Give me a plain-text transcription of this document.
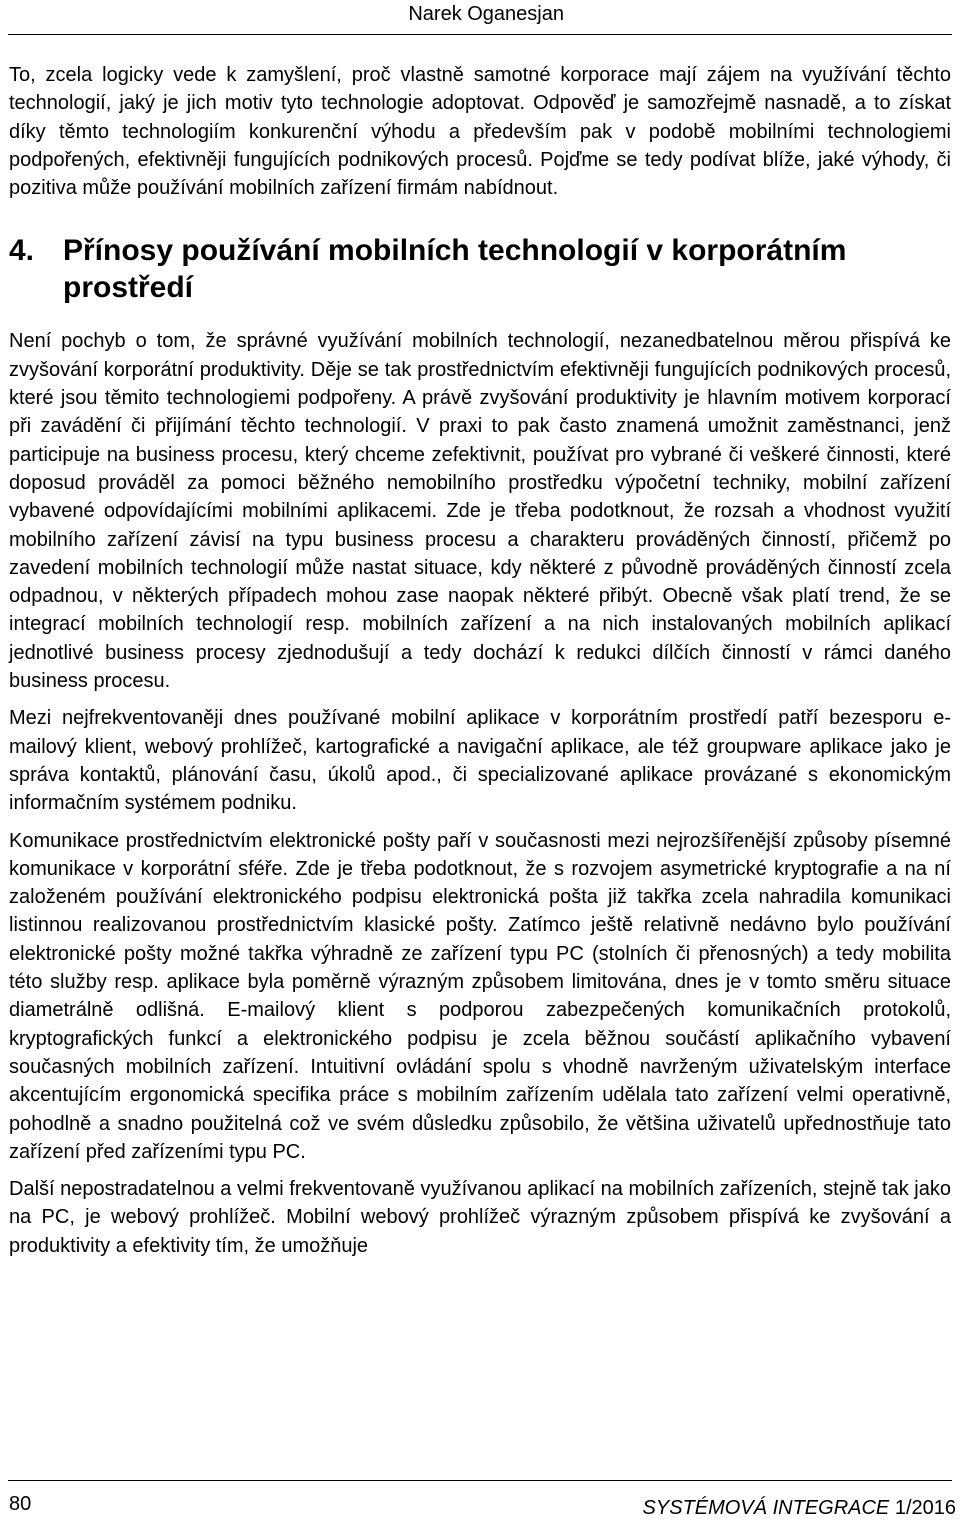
Narek Oganesjan

To, zcela logicky vede k zamyšlení, proč vlastně samotné korporace mají zájem na využívání těchto technologií, jaký je jich motiv tyto technologie adoptovat. Odpověď je samozřejmě nasnadě, a to získat díky těmto technologiím konkurenční výhodu a především pak v podobě mobilními technologiemi podpořených, efektivněji fungujících podnikových procesů. Pojďme se tedy podívat blíže, jaké výhody, či pozitiva může používání mobilních zařízení firmám nabídnout.

4. Přínosy používání mobilních technologií v korporátním prostředí

Není pochyb o tom, že správné využívání mobilních technologií, nezanedbatelnou měrou přispívá ke zvyšování korporátní produktivity. Děje se tak prostřednictvím efektivněji fungujících podnikových procesů, které jsou těmito technologiemi podpořeny. A právě zvyšování produktivity je hlavním motivem korporací při zavádění či přijímání těchto technologií. V praxi to pak často znamená umožnit zaměstnanci, jenž participuje na business procesu, který chceme zefektivnit, používat pro vybrané či veškeré činnosti, které doposud prováděl za pomoci běžného nemobilního prostředku výpočetní techniky, mobilní zařízení vybavené odpovídajícími mobilními aplikacemi. Zde je třeba podotknout, že rozsah a vhodnost využití mobilního zařízení závisí na typu business procesu a charakteru prováděných činností, přičemž po zavedení mobilních technologií může nastat situace, kdy některé z původně prováděných činností zcela odpadnou, v některých případech mohou zase naopak některé přibýt. Obecně však platí trend, že se integrací mobilních technologií resp. mobilních zařízení a na nich instalovaných mobilních aplikací jednotlivé business procesy zjednodušují a tedy dochází k redukci dílčích činností v rámci daného business procesu.

Mezi nejfrekventovaněji dnes používané mobilní aplikace v korporátním prostředí patří bezesporu e-mailový klient, webový prohlížeč, kartografické a navigační aplikace, ale též groupware aplikace jako je správa kontaktů, plánování času, úkolů apod., či specializované aplikace provázané s ekonomickým informačním systémem podniku.

Komunikace prostřednictvím elektronické pošty paří v současnosti mezi nejrozšířenější způsoby písemné komunikace v korporátní sféře. Zde je třeba podotknout, že s rozvojem asymetrické kryptografie a na ní založeném používání elektronického podpisu elektronická pošta již takřka zcela nahradila komunikaci listinnou realizovanou prostřednictvím klasické pošty. Zatímco ještě relativně nedávno bylo používání elektronické pošty možné takřka výhradně ze zařízení typu PC (stolních či přenosných) a tedy mobilita této služby resp. aplikace byla poměrně výrazným způsobem limitována, dnes je v tomto směru situace diametrálně odlišná. E-mailový klient s podporou zabezpečených komunikačních protokolů, kryptografických funkcí a elektronického podpisu je zcela běžnou součástí aplikačního vybavení současných mobilních zařízení. Intuitivní ovládání spolu s vhodně navrženým uživatelským interface akcentujícím ergonomická specifika práce s mobilním zařízením udělala tato zařízení velmi operativně, pohodlně a snadno použitelná což ve svém důsledku způsobilo, že většina uživatelů upřednostňuje tato zařízení před zařízeními typu PC.

Další nepostradatelnou a velmi frekventovaně využívanou aplikací na mobilních zařízeních, stejně tak jako na PC, je webový prohlížeč. Mobilní webový prohlížeč výrazným způsobem přispívá ke zvyšování a produktivity a efektivity tím, že umožňuje

80	SYSTÉMOVÁ INTEGRACE 1/2016
